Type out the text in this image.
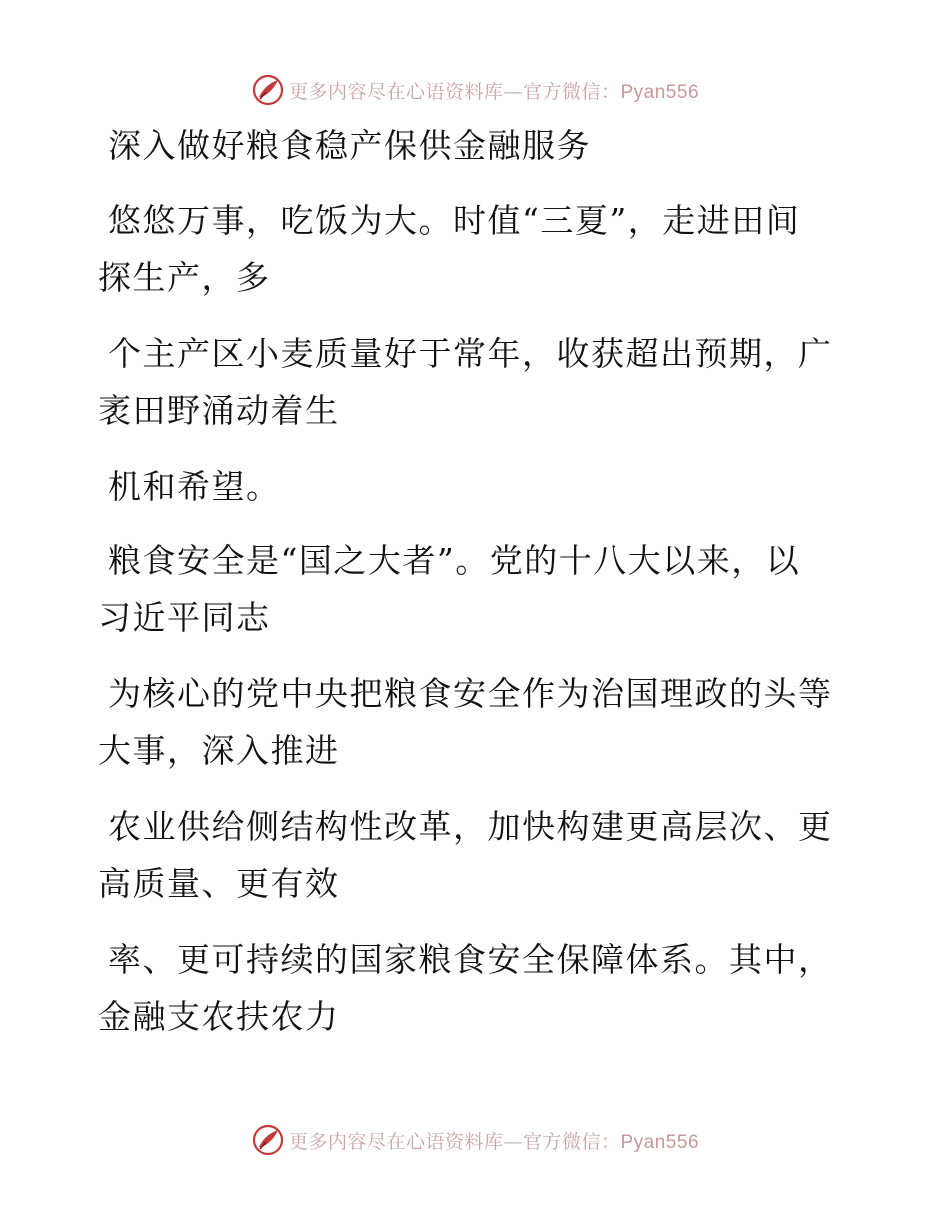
更多内容尽在心语资料库—官方微信：Pyan556
深入做好粮食稳产保供金融服务
悠悠万事，吃饭为大。时值“三夏”，走进田间
探生产，多
个主产区小麦质量好于常年，收获超出预期，广
袤田野涌动着生
机和希望。
粮食安全是“国之大者”。党的十八大以来，以
习近平同志
为核心的党中央把粮食安全作为治国理政的头等
大事，深入推进
农业供给侧结构性改革，加快构建更高层次、更
高质量、更有效
率、更可持续的国家粮食安全保障体系。其中，
金融支农扶农力
更多内容尽在心语资料库—官方微信：Pyan556
